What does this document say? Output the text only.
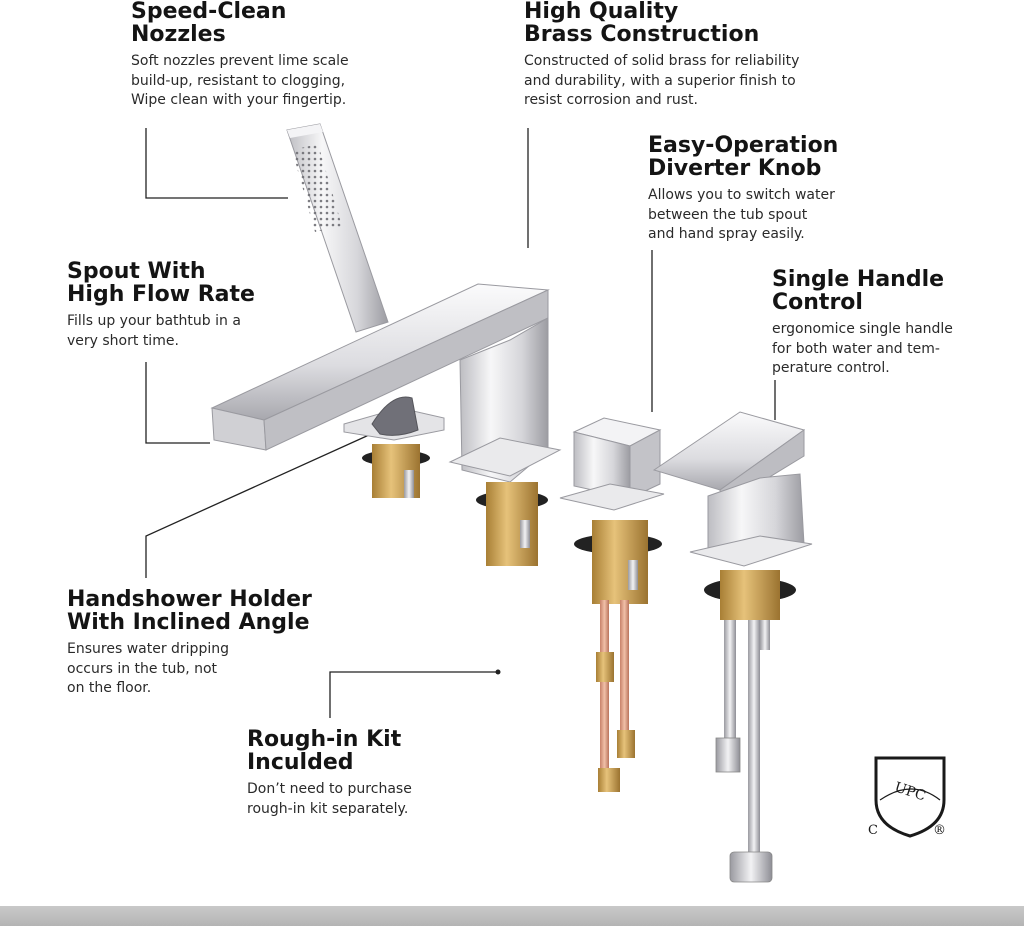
Speed-Clean
Nozzles

Soft nozzles prevent lime scale
build-up, resistant to clogging,
Wipe clean with your fingertip.

High Quality
Brass Construction

Constructed of solid brass for reliability
and durability, with a superior finish to
resist corrosion and rust.

Easy-Operation
Diverter Knob

Allows you to switch water
between the tub spout
and hand spray easily.

Spout With
High Flow Rate

Fills up your bathtub in a
very short time.

Single Handle
Control

ergonomice single handle
for both water and tem-
perature control.

Handshower Holder
With Inclined Angle

Ensures water dripping
occurs in the tub, not
on the floor.

Rough-in Kit
Inculded

Don’t need to purchase
rough-in kit separately.

UPC
C	®
